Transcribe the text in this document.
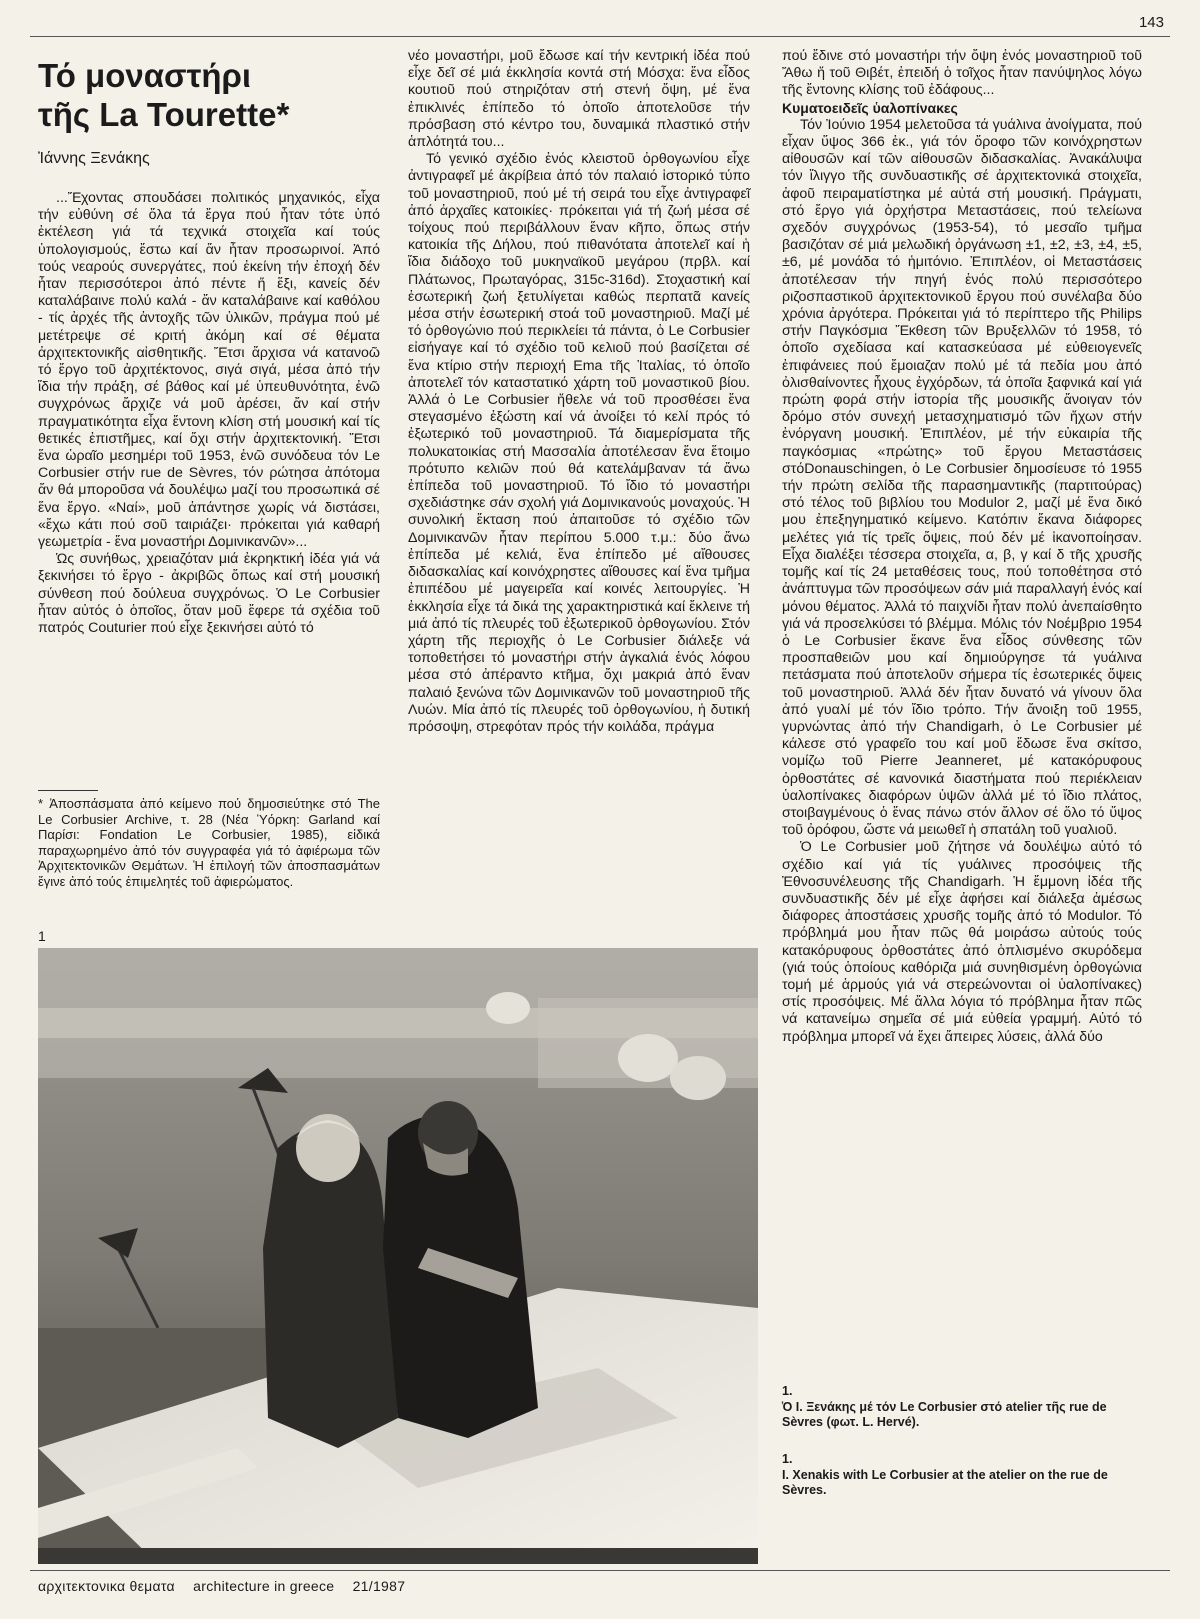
143
Τό μοναστήρι
τῆς La Tourette*
Ἰάννης Ξενάκης

...Ἔχοντας σπουδάσει πολιτικός μηχανικός, εἶχα τήν εὐθύνη σέ ὅλα τά ἔργα πού ἦταν τότε ὑπό ἐκτέλεση γιά τά τεχνικά στοιχεῖα καί τούς ὑπολογισμούς, ἔστω καί ἄν ἦταν προσωρινοί. Ἀπό τούς νεαρούς συνεργάτες, πού ἐκείνη τήν ἐποχή δέν ἦταν περισσότεροι ἀπό πέντε ἤ ἕξι, κανείς δέν καταλάβαινε πολύ καλά - ἄν καταλάβαινε καί καθόλου - τίς ἀρχές τῆς ἀντοχῆς τῶν ὑλικῶν, πράγμα πού μέ μετέτρεψε σέ κριτή ἀκόμη καί σέ θέματα ἀρχιτεκτονικῆς αἰσθητικῆς. Ἔτσι ἄρχισα νά κατανοῶ τό ἔργο τοῦ ἀρχιτέκτονος, σιγά σιγά, μέσα ἀπό τήν ἴδια τήν πράξη, σέ βάθος καί μέ ὑπευθυνότητα, ἐνῶ συγχρόνως ἄρχιζε νά μοῦ ἀρέσει, ἄν καί στήν πραγματικότητα εἶχα ἔντονη κλίση στή μουσική καί τίς θετικές ἐπιστῆμες, καί ὄχι στήν ἀρχιτεκτονική. Ἔτσι ἕνα ὡραῖο μεσημέρι τοῦ 1953, ἐνῶ συνόδευα τόν Le Corbusier στήν rue de Sèvres, τόν ρώτησα ἀπότομα ἄν θά μποροῦσα νά δουλέψω μαζί του προσωπικά σέ ἕνα ἔργο. «Ναί», μοῦ ἀπάντησε χωρίς νά διστάσει, «ἔχω κάτι πού σοῦ ταιριάζει· πρόκειται γιά καθαρή γεωμετρία - ἕνα μοναστήρι Δομινικανῶν»...

Ὡς συνήθως, χρειαζόταν μιά ἐκρηκτική ἰδέα γιά νά ξεκινήσει τό ἔργο - ἀκριβῶς ὅπως καί στή μουσική σύνθεση πού δούλευα συγχρόνως. Ὁ Le Corbusier ἦταν αὐτός ὁ ὁποῖος, ὅταν μοῦ ἔφερε τά σχέδια τοῦ πατρός Couturier πού εἶχε ξεκινήσει αὐτό τό

* Ἀποσπάσματα ἀπό κείμενο πού δημοσιεύτηκε στό The Le Corbusier Archive, τ. 28 (Νέα Ὑόρκη: Garland καί Παρίσι: Fondation Le Corbusier, 1985), εἰδικά παραχωρημένο ἀπό τόν συγγραφέα γιά τό ἀφιέρωμα τῶν Ἀρχιτεκτονικῶν Θεμάτων. Ἡ ἐπιλογή τῶν ἀποσπασμάτων ἔγινε ἀπό τούς ἐπιμελητές τοῦ ἀφιερώματος.

νέο μοναστήρι, μοῦ ἔδωσε καί τήν κεντρική ἰδέα πού εἶχε δεῖ σέ μιά ἐκκλησία κοντά στή Μόσχα: ἕνα εἶδος κουτιοῦ πού στηριζόταν στή στενή ὄψη, μέ ἕνα ἐπικλινές ἐπίπεδο τό ὁποῖο ἀποτελοῦσε τήν πρόσβαση στό κέντρο του, δυναμικά πλαστικό στήν ἁπλότητά του...

Τό γενικό σχέδιο ἑνός κλειστοῦ ὀρθογωνίου εἶχε ἀντιγραφεῖ μέ ἀκρίβεια ἀπό τόν παλαιό ἱστορικό τύπο τοῦ μοναστηριοῦ, πού μέ τή σειρά του εἶχε ἀντιγραφεῖ ἀπό ἀρχαῖες κατοικίες· πρόκειται γιά τή ζωή μέσα σέ τοίχους πού περιβάλλουν ἕναν κῆπο, ὅπως στήν κατοικία τῆς Δήλου, πού πιθανότατα ἀποτελεῖ καί ἡ ἴδια διάδοχο τοῦ μυκηναϊκοῦ μεγάρου (πρβλ. καί Πλάτωνος, Πρωταγόρας, 315c-316d). Στοχαστική καί ἐσωτερική ζωή ξετυλίγεται καθώς περπατᾶ κανείς μέσα στήν ἐσωτερική στοά τοῦ μοναστηριοῦ. Μαζί μέ τό ὀρθογώνιο πού περικλείει τά πάντα, ὁ Le Corbusier εἰσήγαγε καί τό σχέδιο τοῦ κελιοῦ πού βασίζεται σέ ἕνα κτίριο στήν περιοχή Ema τῆς Ἰταλίας, τό ὁποῖο ἀποτελεῖ τόν καταστατικό χάρτη τοῦ μοναστικοῦ βίου. Ἀλλά ὁ Le Corbusier ἤθελε νά τοῦ προσθέσει ἕνα στεγασμένο ἐξώστη καί νά ἀνοίξει τό κελί πρός τό ἐξωτερικό τοῦ μοναστηριοῦ. Τά διαμερίσματα τῆς πολυκατοικίας στή Μασσαλία ἀποτέλεσαν ἕνα ἕτοιμο πρότυπο κελιῶν πού θά κατελάμβαναν τά ἄνω ἐπίπεδα τοῦ μοναστηριοῦ. Τό ἴδιο τό μοναστήρι σχεδιάστηκε σάν σχολή γιά Δομινικανούς μοναχούς. Ἡ συνολική ἔκταση πού ἀπαιτοῦσε τό σχέδιο τῶν Δομινικανῶν ἦταν περίπου 5.000 τ.μ.: δύο ἄνω ἐπίπεδα μέ κελιά, ἕνα ἐπίπεδο μέ αἴθουσες διδασκαλίας καί κοινόχρηστες αἴθουσες καί ἕνα τμῆμα ἐπιπέδου μέ μαγειρεῖα καί κοινές λειτουργίες. Ἡ ἐκκλησία εἶχε τά δικά της χαρακτηριστικά καί ἔκλεινε τή μιά ἀπό τίς πλευρές τοῦ ἐξωτερικοῦ ὀρθογωνίου. Στόν χάρτη τῆς περιοχῆς ὁ Le Corbusier διάλεξε νά τοποθετήσει τό μοναστήρι στήν ἀγκαλιά ἑνός λόφου μέσα στό ἀπέραντο κτῆμα, ὄχι μακριά ἀπό ἕναν παλαιό ξενώνα τῶν Δομινικανῶν τοῦ μοναστηριοῦ τῆς Λυών. Μία ἀπό τίς πλευρές τοῦ ὀρθογωνίου, ἡ δυτική πρόσοψη, στρεφόταν πρός τήν κοιλάδα, πράγμα

πού ἔδινε στό μοναστήρι τήν ὄψη ἑνός μοναστηριοῦ τοῦ Ἄθω ἤ τοῦ Θιβέτ, ἐπειδή ὁ τοῖχος ἦταν πανύψηλος λόγω τῆς ἔντονης κλίσης τοῦ ἐδάφους...

Κυματοειδεῖς ὑαλοπίνακες

Τόν Ἰούνιο 1954 μελετοῦσα τά γυάλινα ἀνοίγματα, πού εἶχαν ὕψος 366 ἑκ., γιά τόν ὄροφο τῶν κοινόχρηστων αἰθουσῶν καί τῶν αἰθουσῶν διδασκαλίας. Ἀνακάλυψα τόν ἴλιγγο τῆς συνδυαστικῆς σέ ἀρχιτεκτονικά στοιχεῖα, ἀφοῦ πειραματίστηκα μέ αὐτά στή μουσική. Πράγματι, στό ἔργο γιά ὀρχήστρα Μεταστάσεις, πού τελείωνα σχεδόν συγχρόνως (1953-54), τό μεσαῖο τμῆμα βασιζόταν σέ μιά μελωδική ὀργάνωση ±1, ±2, ±3, ±4, ±5, ±6, μέ μονάδα τό ἡμιτόνιο. Ἐπιπλέον, οἱ Μεταστάσεις ἀποτέλεσαν τήν πηγή ἑνός πολύ περισσότερο ριζοσπαστικοῦ ἀρχιτεκτονικοῦ ἔργου πού συνέλαβα δύο χρόνια ἀργότερα. Πρόκειται γιά τό περίπτερο τῆς Philips στήν Παγκόσμια Ἔκθεση τῶν Βρυξελλῶν τό 1958, τό ὁποῖο σχεδίασα καί κατασκεύασα μέ εὐθειογενεῖς ἐπιφάνειες πού ἔμοιαζαν πολύ μέ τά πεδία μου ἀπό ὀλισθαίνοντες ἦχους ἐγχόρδων, τά ὁποῖα ξαφνικά καί γιά πρώτη φορά στήν ἱστορία τῆς μουσικῆς ἄνοιγαν τόν δρόμο στόν συνεχή μετασχηματισμό τῶν ἤχων στήν ἐνόργανη μουσική. Ἐπιπλέον, μέ τήν εὐκαιρία τῆς παγκόσμιας «πρώτης» τοῦ ἔργου Μεταστάσεις στόDonauschingen, ὁ Le Corbusier δημοσίευσε τό 1955 τήν πρώτη σελίδα τῆς παρασημαντικῆς (παρτιτούρας) στό τέλος τοῦ βιβλίου του Modulor 2, μαζί μέ ἕνα δικό μου ἐπεξηγηματικό κείμενο. Κατόπιν ἔκανα διάφορες μελέτες γιά τίς τρεῖς ὄψεις, πού δέν μέ ἱκανοποίησαν. Εἶχα διαλέξει τέσσερα στοιχεῖα, α, β, γ καί δ τῆς χρυσῆς τομῆς καί τίς 24 μεταθέσεις τους, πού τοποθέτησα στό ἀνάπτυγμα τῶν προσόψεων σάν μιά παραλλαγή ἑνός καί μόνου θέματος. Ἀλλά τό παιχνίδι ἦταν πολύ ἀνεπαίσθητο γιά νά προσελκύσει τό βλέμμα. Μόλις τόν Νοέμβριο 1954 ὁ Le Corbusier ἔκανε ἕνα εἶδος σύνθεσης τῶν προσπαθειῶν μου καί δημιούργησε τά γυάλινα πετάσματα πού ἀποτελοῦν σήμερα τίς ἐσωτερικές ὄψεις τοῦ μοναστηριοῦ. Ἀλλά δέν ἦταν δυνατό νά γίνουν ὅλα ἀπό γυαλί μέ τόν ἴδιο τρόπο. Τήν ἄνοιξη τοῦ 1955, γυρνώντας ἀπό τήν Chandigarh, ὁ Le Corbusier μέ κάλεσε στό γραφεῖο του καί μοῦ ἔδωσε ἕνα σκίτσο, νομίζω τοῦ Pierre Jeanneret, μέ κατακόρυφους ὀρθοστάτες σέ κανονικά διαστήματα πού περιέκλειαν ὑαλοπίνακες διαφόρων ὑψῶν ἀλλά μέ τό ἴδιο πλάτος, στοιβαγμένους ὁ ἕνας πάνω στόν ἄλλον σέ ὅλο τό ὕψος τοῦ ὀρόφου, ὥστε νά μειωθεῖ ἡ σπατάλη τοῦ γυαλιοῦ.

Ὁ Le Corbusier μοῦ ζήτησε νά δουλέψω αὐτό τό σχέδιο καί γιά τίς γυάλινες προσόψεις τῆς Ἐθνοσυνέλευσης τῆς Chandigarh. Ἡ ἔμμονη ἰδέα τῆς συνδυαστικῆς δέν μέ εἶχε ἀφήσει καί διάλεξα ἀμέσως διάφορες ἀποστάσεις χρυσῆς τομῆς ἀπό τό Modulor. Τό πρόβλημά μου ἦταν πῶς θά μοιράσω αὐτούς τούς κατακόρυφους ὀρθοστάτες ἀπό ὁπλισμένο σκυρόδεμα (γιά τούς ὁποίους καθόριζα μιά συνηθισμένη ὀρθογώνια τομή μέ ἁρμούς γιά νά στερεώνονται οἱ ὑαλοπίνακες) στίς προσόψεις. Μέ ἄλλα λόγια τό πρόβλημα ἦταν πῶς νά κατανείμω σημεῖα σέ μιά εὐθεία γραμμή. Αὐτό τό πρόβλημα μπορεῖ νά ἔχει ἄπειρες λύσεις, ἀλλά δύο

1
1.
Ὁ Ι. Ξενάκης μέ τόν Le Corbusier στό atelier τῆς rue de Sèvres (φωτ. L. Hervé).
1.
I. Xenakis with Le Corbusier at the atelier on the rue de Sèvres.
αρχιτεκτονικα θεματα architecture in greece 21/1987
